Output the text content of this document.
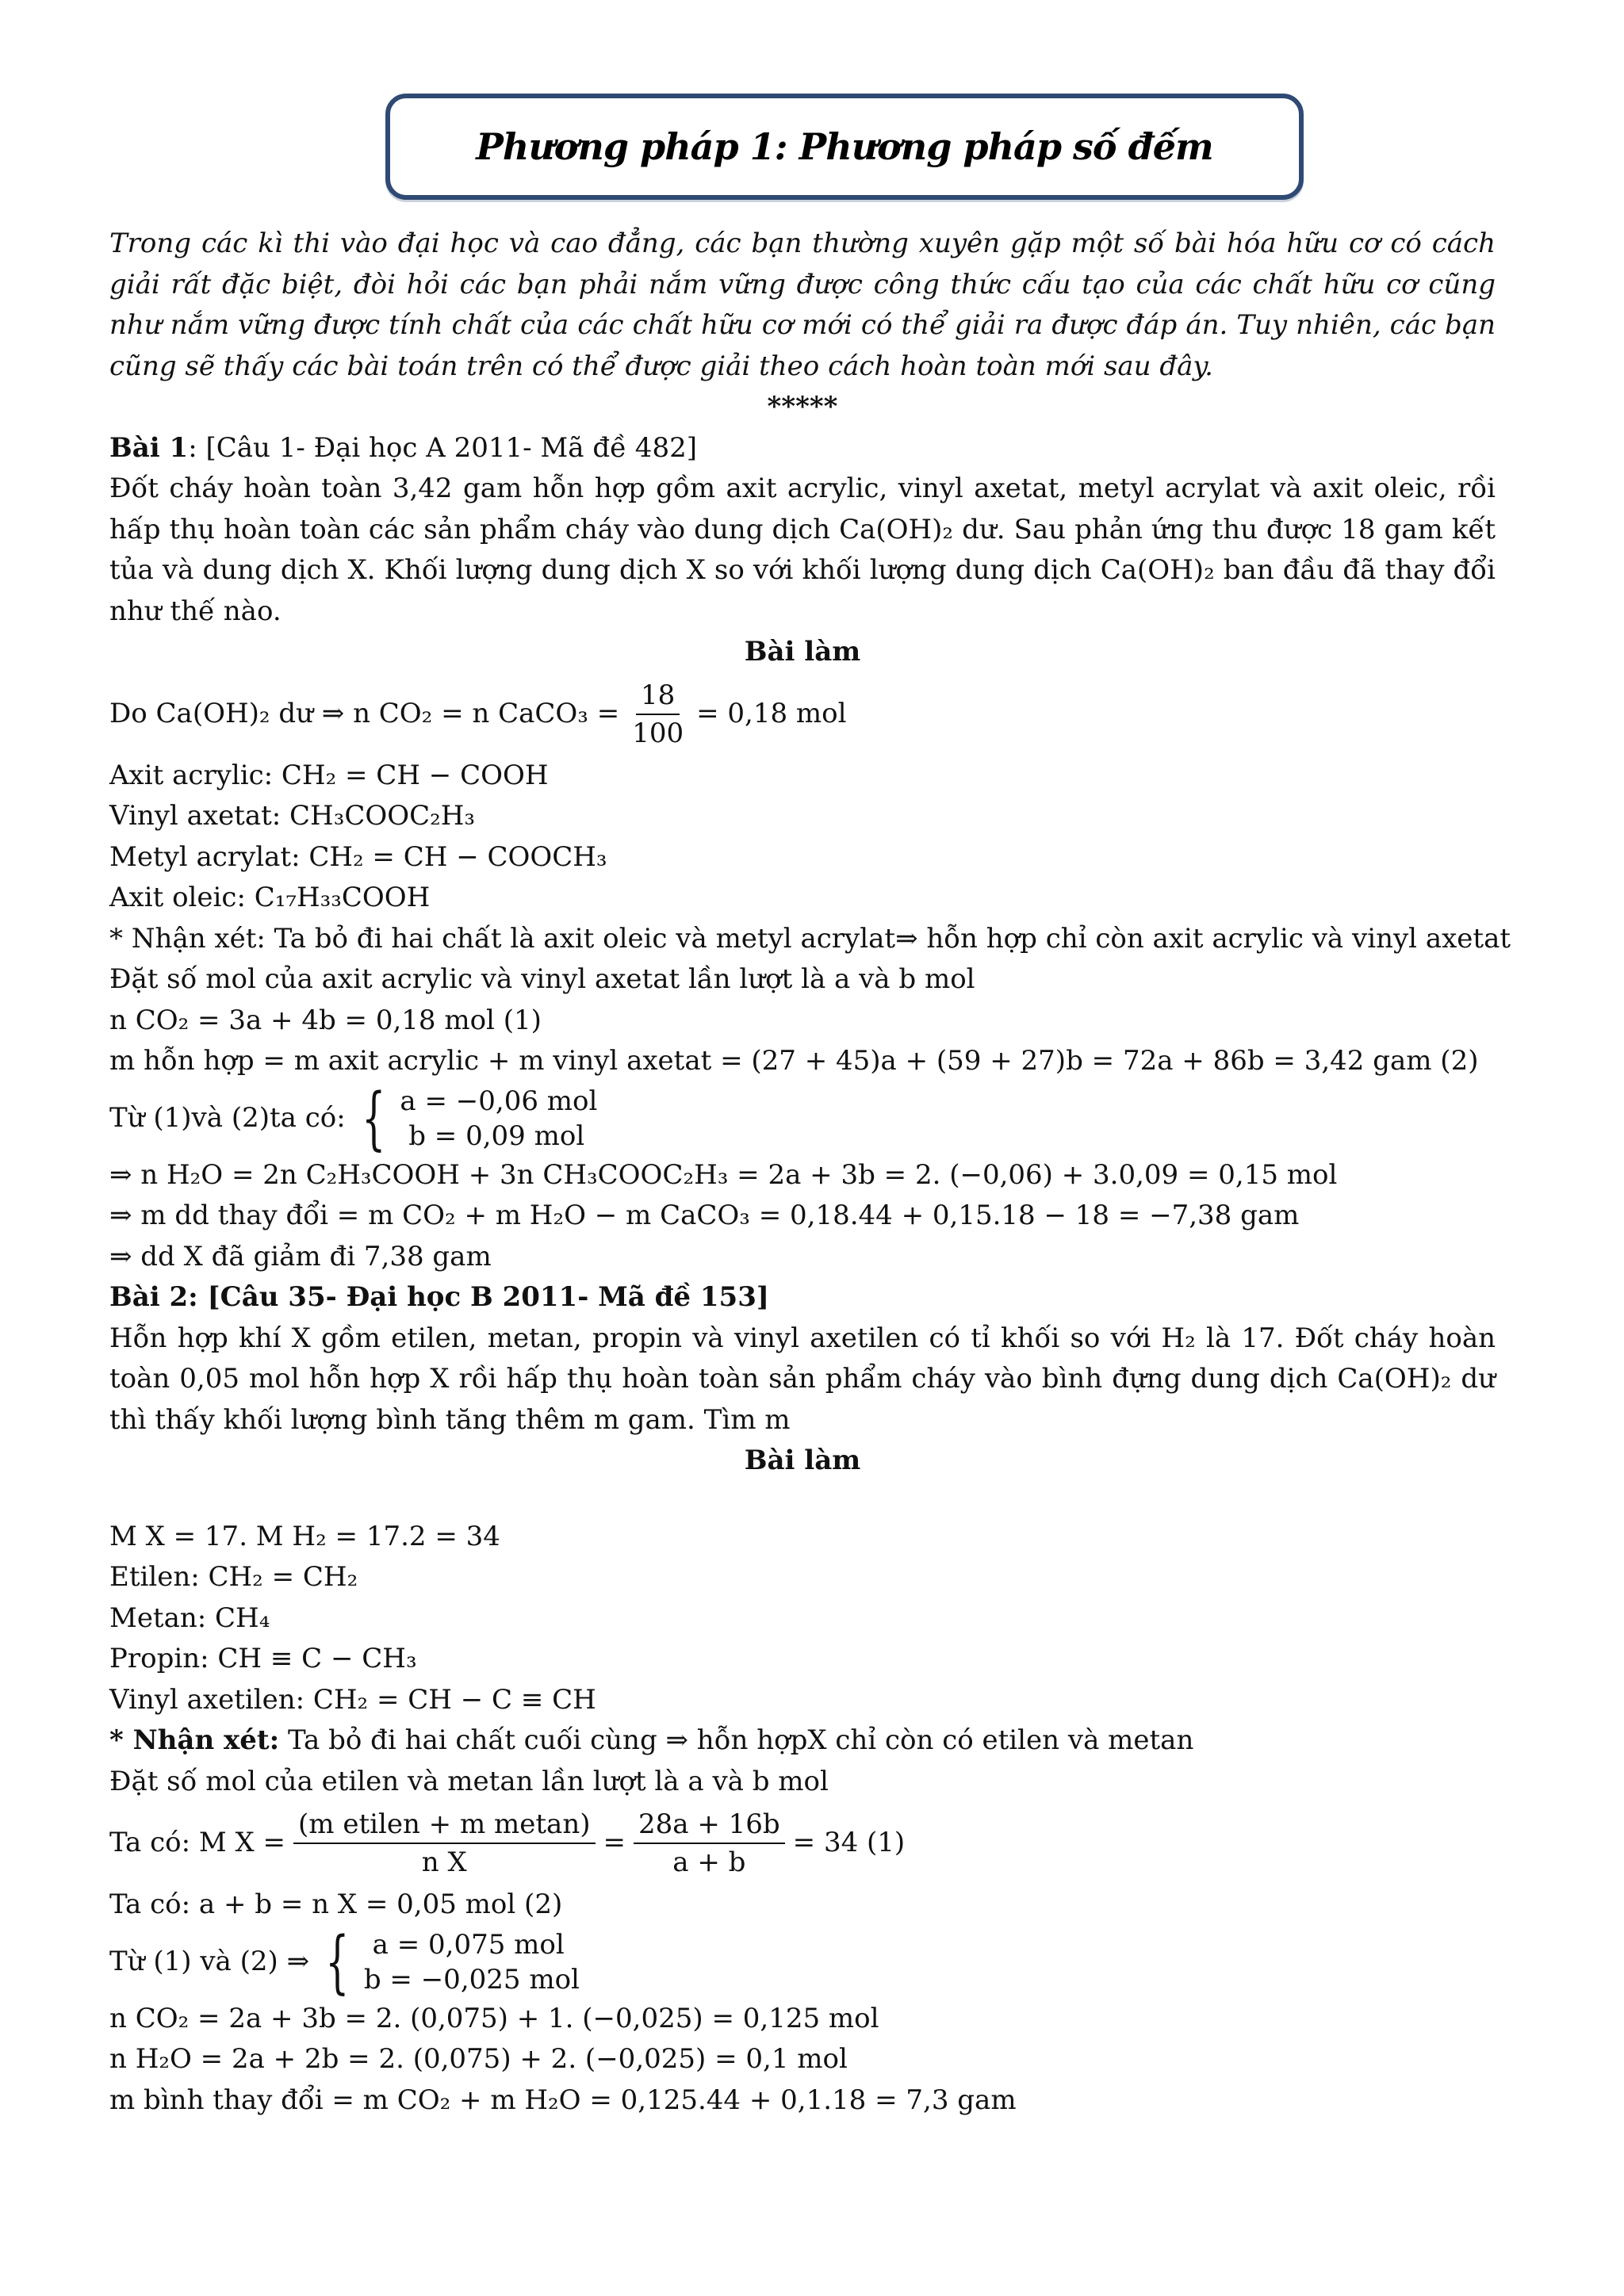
Phương pháp 1: Phương pháp số đếm
Trong các kì thi vào đại học và cao đẳng, các bạn thường xuyên gặp một số bài hóa hữu cơ có cách giải rất đặc biệt, đòi hỏi các bạn phải nắm vững được công thức cấu tạo của các chất hữu cơ cũng như nắm vững được tính chất của các chất hữu cơ mới có thể giải ra được đáp án. Tuy nhiên, các bạn cũng sẽ thấy các bài toán trên có thể được giải theo cách hoàn toàn mới sau đây.
*****
Bài 1: [Câu 1- Đại học A 2011- Mã đề 482]
Đốt cháy hoàn toàn 3,42 gam hỗn hợp gồm axit acrylic, vinyl axetat, metyl acrylat và axit oleic, rồi hấp thụ hoàn toàn các sản phẩm cháy vào dung dịch Ca(OH)₂ dư. Sau phản ứng thu được 18 gam kết tủa và dung dịch X. Khối lượng dung dịch X so với khối lượng dung dịch Ca(OH)₂ ban đầu đã thay đổi như thế nào.
Bài làm
Do Ca(OH)₂ dư ⇒ n CO₂ = n CaCO₃ = $\frac{18}{100} = 0,18$ mol
Axit acrylic: CH₂ = CH − COOH
Vinyl axetat: CH₃COOC₂H₃
Metyl acrylat: CH₂ = CH − COOCH₃
Axit oleic: C₁₇H₃₃COOH
* Nhận xét: Ta bỏ đi hai chất là axit oleic và metyl acrylat⇒ hỗn hợp chỉ còn axit acrylic và vinyl axetat
Đặt số mol của axit acrylic và vinyl axetat lần lượt là a và b mol
n CO₂ = 3a + 4b = 0,18 mol (1)
m hỗn hợp = m axit acrylic + m vinyl axetat = (27 + 45)a + (59 + 27)b = 72a + 86b = 3,42 gam (2)
Từ (1)và (2)ta có: { a = −0,06 mol
b = 0,09 mol
⇒ n H₂O = 2n C₂H₃COOH + 3n CH₃COOC₂H₃ = 2a + 3b = 2. (−0,06) + 3.0,09 = 0,15 mol
⇒ m dd thay đổi = m CO₂ + m H₂O − m CaCO₃ = 0,18.44 + 0,15.18 − 18 = −7,38 gam
⇒ dd X đã giảm đi 7,38 gam
Bài 2: [Câu 35- Đại học B 2011- Mã đề 153]
Hỗn hợp khí X gồm etilen, metan, propin và vinyl axetilen có tỉ khối so với H₂ là 17. Đốt cháy hoàn toàn 0,05 mol hỗn hợp X rồi hấp thụ hoàn toàn sản phẩm cháy vào bình đựng dung dịch Ca(OH)₂ dư thì thấy khối lượng bình tăng thêm m gam. Tìm m
Bài làm
M X = 17. M H₂ = 17.2 = 34
Etilen: CH₂ = CH₂
Metan: CH₄
Propin: CH ≡ C − CH₃
Vinyl axetilen: CH₂ = CH − C ≡ CH
* Nhận xét: Ta bỏ đi hai chất cuối cùng ⇒ hỗn hợpX chỉ còn có etilen và metan
Đặt số mol của etilen và metan lần lượt là a và b mol
Ta có: M $X = \frac{\text{(m etilen + m metan)}}{\text{n X}} = \frac{28a + 16b}{a + b} = 34$ (1)
Ta có: a + b = n X = 0,05 mol (2)
Từ (1) và (2) ⇒ { a = 0,075 mol
b = −0,025 mol
n CO₂ = 2a + 3b = 2. (0,075) + 1. (−0,025) = 0,125 mol
n H₂O = 2a + 2b = 2. (0,075) + 2. (−0,025) = 0,1 mol
m bình thay đổi = m CO₂ + m H₂O = 0,125.44 + 0,1.18 = 7,3 gam
